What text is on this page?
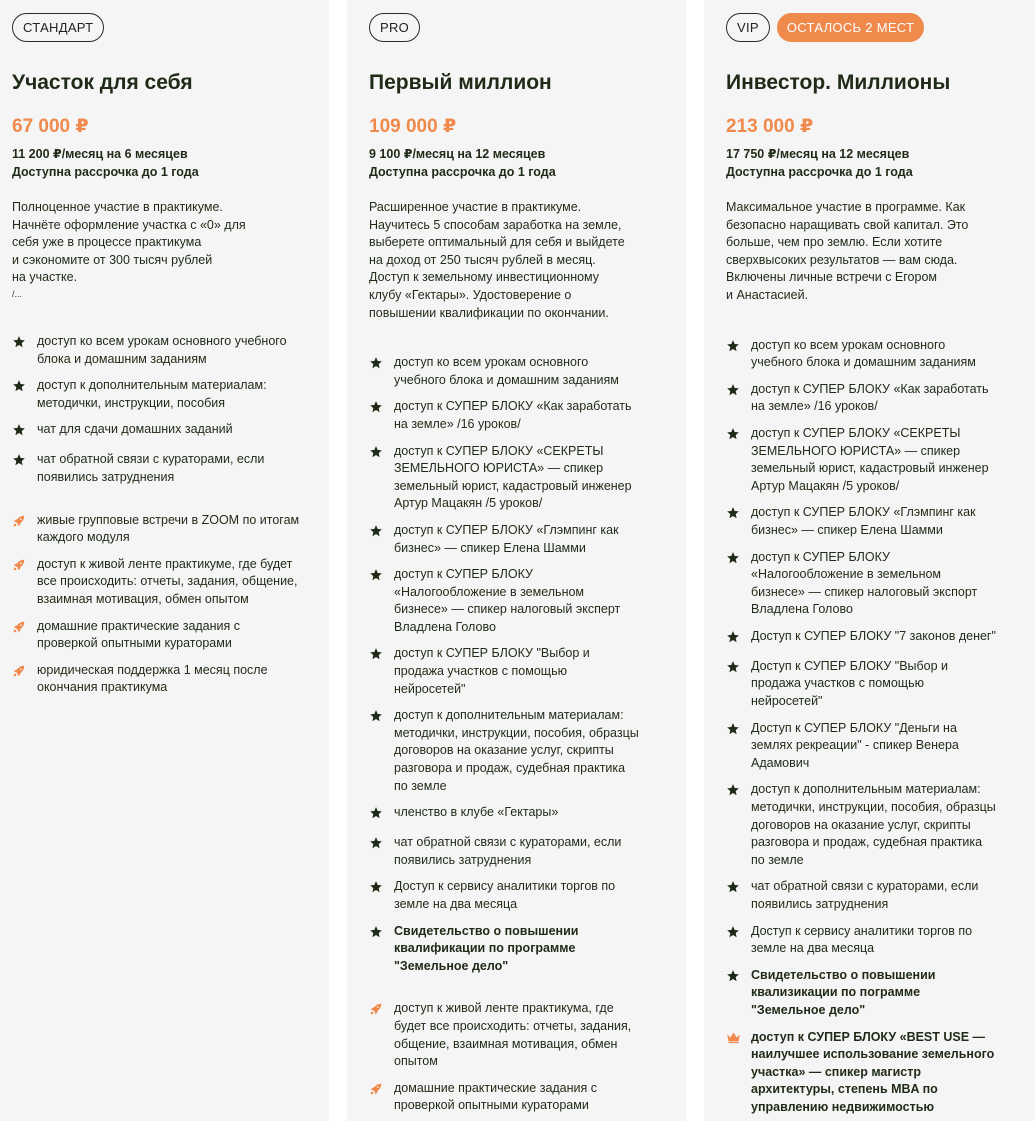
СТАНДАРТ
Участок для себя
67 000 ₽
11 200 ₽/месяц на 6 месяцев
Доступна рассрочка до 1 года
Полноценное участие в практикуме.
Начнёте оформление участка с «0» для
себя уже в процессе практикума
и сэкономите от 300 тысяч рублей
на участке.
/...
доступ ко всем урокам основного учебного блока и домашним заданиям
доступ к дополнительным материалам: методички, инструкции, пособия
чат для сдачи домашних заданий
чат обратной связи с кураторами, если появились затруднения
живые групповые встречи в ZOOM по итогам каждого модуля
доступ к живой ленте практикуме, где будет все происходить: отчеты, задания, общение, взаимная мотивация, обмен опытом
домашние практические задания с проверкой опытными кураторами
юридическая поддержка 1 месяц после окончания практикума
PRO
Первый миллион
109 000 ₽
9 100 ₽/месяц на 12 месяцев
Доступна рассрочка до 1 года
Расширенное участие в практикуме.
Научитесь 5 способам заработка на земле,
выберете оптимальный для себя и выйдете
на доход от 250 тысяч рублей в месяц.
Доступ к земельному инвестиционному
клубу «Гектары». Удостоверение о
повышении квалификации по окончании.
доступ ко всем урокам основного учебного блока и домашним заданиям
доступ к СУПЕР БЛОКУ «Как заработать на земле» /16 уроков/
доступ к СУПЕР БЛОКУ «СЕКРЕТЫ ЗЕМЕЛЬНОГО ЮРИСТА» — спикер земельный юрист, кадастровый инженер Артур Мацакян /5 уроков/
доступ к СУПЕР БЛОКУ «Глэмпинг как бизнес» — спикер Елена Шамми
доступ к СУПЕР БЛОКУ «Налогообложение в земельном бизнесе» — спикер налоговый эксперт Владлена Голово
доступ к СУПЕР БЛОКУ "Выбор и продажа участков с помощью нейросетей"
доступ к дополнительным материалам: методички, инструкции, пособия, образцы договоров на оказание услуг, скрипты разговора и продаж, судебная практика по земле
членство в клубе «Гектары»
чат обратной связи с кураторами, если появились затруднения
Доступ к сервису аналитики торгов по земле на два месяца
Свидетельство о повышении квалификации по программе "Земельное дело"
доступ к живой ленте практикума, где будет все происходить: отчеты, задания, общение, взаимная мотивация, обмен опытом
домашние практические задания с проверкой опытными кураторами
VIP	ОСТАЛОСЬ 2 МЕСТ
Инвестор. Миллионы
213 000 ₽
17 750 ₽/месяц на 12 месяцев
Доступна рассрочка до 1 года
Максимальное участие в программе. Как
безопасно наращивать свой капитал. Это
больше, чем про землю. Если хотите
сверхвысоких результатов — вам сюда.
Включены личные встречи с Егором
и Анастасией.
доступ ко всем урокам основного учебного блока и домашним заданиям
доступ к СУПЕР БЛОКУ «Как заработать на земле» /16 уроков/
доступ к СУПЕР БЛОКУ «СЕКРЕТЫ ЗЕМЕЛЬНОГО ЮРИСТА» — спикер земельный юрист, кадастровый инженер Артур Мацакян /5 уроков/
доступ к СУПЕР БЛОКУ «Глэмпинг как бизнес» — спикер Елена Шамми
доступ к СУПЕР БЛОКУ «Налогообложение в земельном бизнесе» — спикер налоговый экспорт Владлена Голово
Доступ к СУПЕР БЛОКУ "7 законов денег"
Доступ к СУПЕР БЛОКУ "Выбор и продажа участков с помощью нейросетей"
Доступ к СУПЕР БЛОКУ "Деньги на землях рекреации" - спикер Венера Адамович
доступ к дополнительным материалам: методички, инструкции, пособия, образцы договоров на оказание услуг, скрипты разговора и продаж, судебная практика по земле
чат обратной связи с кураторами, если появились затруднения
Доступ к сервису аналитики торгов по земле на два месяца
Свидетельство о повышении квализикации по пограмме "Земельное дело"
доступ к СУПЕР БЛОКУ «BEST USE — наилучшее использование земельного участка» — спикер магистр архитектуры, степень MBA по управлению недвижимостью
